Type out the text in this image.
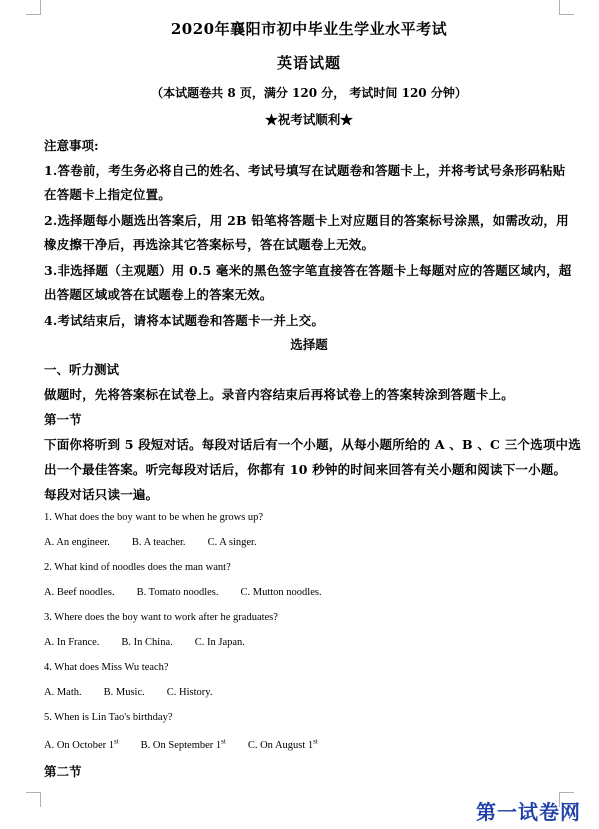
2020年襄阳市初中毕业生学业水平考试
英语试题
（本试题卷共 8 页，满分 120 分， 考试时间 120 分钟）
★祝考试顺利★
注意事项:
1.答卷前，考生务必将自己的姓名、考试号填写在试题卷和答题卡上，并将考试号条形码粘贴
在答题卡上指定位置。
2.选择题每小题选出答案后，用 2B 铅笔将答题卡上对应题目的答案标号涂黑，如需改动，用
橡皮擦干净后，再选涂其它答案标号，答在试题卷上无效。
3.非选择题（主观题）用 0.5 毫米的黑色签字笔直接答在答题卡上每题对应的答题区域内，超
出答题区域或答在试题卷上的答案无效。
4.考试结束后，请将本试题卷和答题卡一并上交。
选择题
一、听力测试
做题时，先将答案标在试卷上。录音内容结束后再将试卷上的答案转涂到答题卡上。
第一节
下面你将听到 5 段短对话。每段对话后有一个小题，从每小题所给的 A 、B 、C 三个选项中选
出一个最佳答案。听完每段对话后，你都有 10 秒钟的时间来回答有关小题和阅读下一小题。
每段对话只读一遍。
1. What does the boy want to be when he grows up?
A. An engineer. B. A teacher. C. A singer.
2. What kind of noodles does the man want?
A. Beef noodles. B. Tomato noodles. C. Mutton noodles.
3. Where does the boy want to work after he graduates?
A. In France. B. In China. C. In Japan.
4. What does Miss Wu teach?
A. Math. B. Music. C. History.
5. When is Lin Tao's birthday?
A. On October 1st B. On September 1st C. On August 1st
第二节
第一试卷网
